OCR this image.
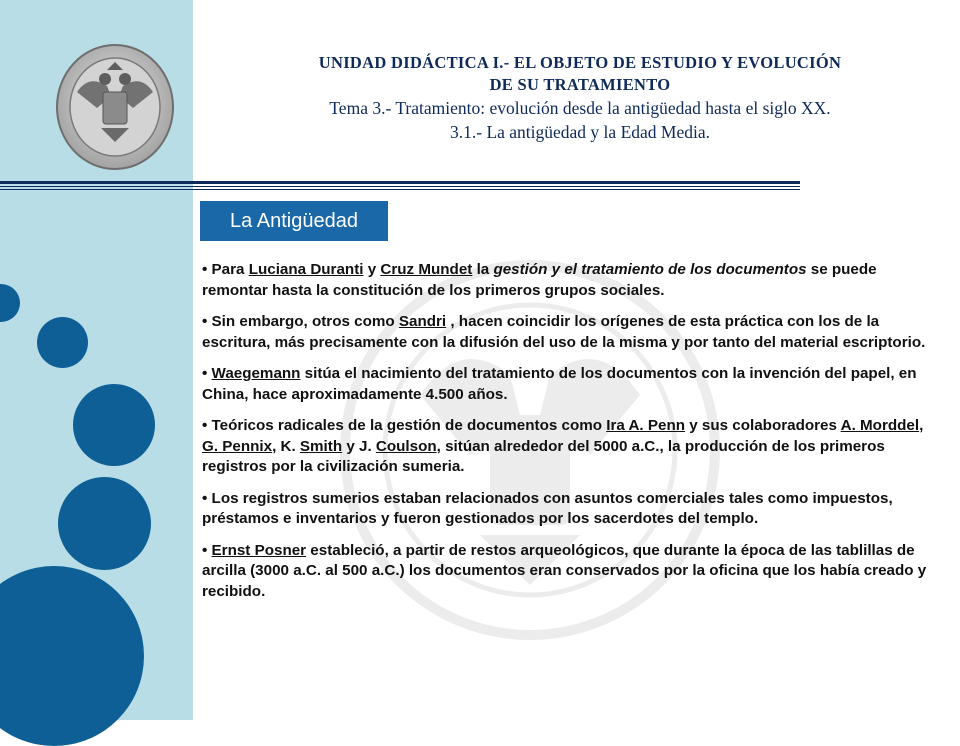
UNIDAD DIDÁCTICA I.- EL OBJETO DE ESTUDIO Y EVOLUCIÓN
DE SU TRATAMIENTO
Tema 3.- Tratamiento: evolución desde la antigüedad hasta el siglo XX.
3.1.- La antigüedad y la Edad Media.
La Antigüedad

• Para Luciana Duranti y Cruz Mundet la gestión y el tratamiento de los documentos se puede remontar hasta la constitución de los primeros grupos sociales.

• Sin embargo, otros como Sandri , hacen coincidir los orígenes de esta práctica con los de la escritura, más precisamente con la difusión del uso de la misma y por tanto del material escriptorio.

• Waegemann sitúa el nacimiento del tratamiento de los documentos con la invención del papel, en China, hace aproximadamente 4.500 años.

• Teóricos radicales de la gestión de documentos como Ira A. Penn y sus colaboradores A. Morddel, G. Pennix, K. Smith y J. Coulson, sitúan alrededor del 5000 a.C., la producción de los primeros registros por la civilización sumeria.

• Los registros sumerios estaban relacionados con asuntos comerciales tales como impuestos, préstamos e inventarios y fueron gestionados por los sacerdotes del templo.

• Ernst Posner estableció, a partir de restos arqueológicos, que durante la época de las tablillas de arcilla (3000 a.C. al 500 a.C.) los documentos eran conservados por la oficina que los había creado y recibido.
